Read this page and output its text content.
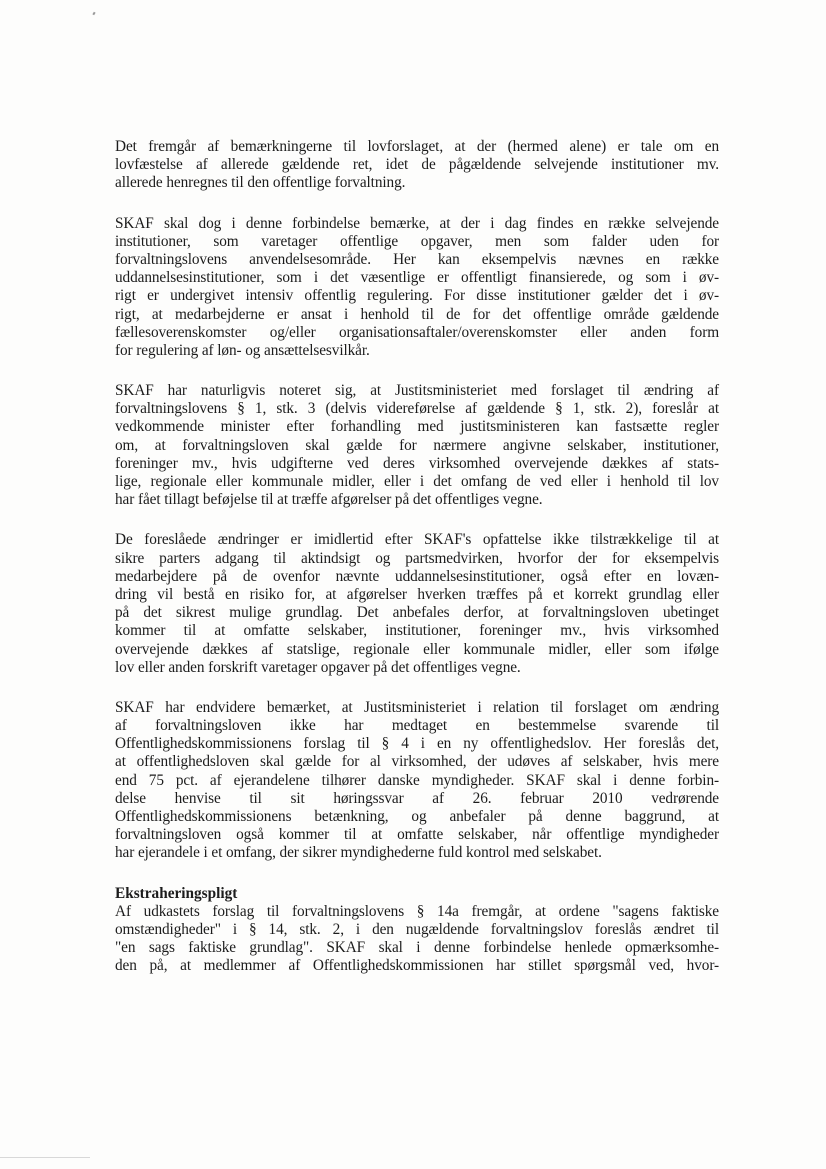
Det fremgår af bemærkningerne til lovforslaget, at der (hermed alene) er tale om en
lovfæstelse af allerede gældende ret, idet de pågældende selvejende institutioner mv.
allerede henregnes til den offentlige forvaltning.
SKAF skal dog i denne forbindelse bemærke, at der i dag findes en række selvejende
institutioner, som varetager offentlige opgaver, men som falder uden for
forvaltningslovens anvendelsesområde. Her kan eksempelvis nævnes en række
uddannelsesinstitutioner, som i det væsentlige er offentligt finansierede, og som i øv-
rigt er undergivet intensiv offentlig regulering. For disse institutioner gælder det i øv-
rigt, at medarbejderne er ansat i henhold til de for det offentlige område gældende
fællesoverenskomster og/eller organisationsaftaler/overenskomster eller anden form
for regulering af løn- og ansættelsesvilkår.
SKAF har naturligvis noteret sig, at Justitsministeriet med forslaget til ændring af
forvaltningslovens § 1, stk. 3 (delvis videreførelse af gældende § 1, stk. 2), foreslår at
vedkommende minister efter forhandling med justitsministeren kan fastsætte regler
om, at forvaltningsloven skal gælde for nærmere angivne selskaber, institutioner,
foreninger mv., hvis udgifterne ved deres virksomhed overvejende dækkes af stats-
lige, regionale eller kommunale midler, eller i det omfang de ved eller i henhold til lov
har fået tillagt beføjelse til at træffe afgørelser på det offentliges vegne.
De foreslåede ændringer er imidlertid efter SKAF's opfattelse ikke tilstrækkelige til at
sikre parters adgang til aktindsigt og partsmedvirken, hvorfor der for eksempelvis
medarbejdere på de ovenfor nævnte uddannelsesinstitutioner, også efter en lovæn-
dring vil bestå en risiko for, at afgørelser hverken træffes på et korrekt grundlag eller
på det sikrest mulige grundlag. Det anbefales derfor, at forvaltningsloven ubetinget
kommer til at omfatte selskaber, institutioner, foreninger mv., hvis virksomhed
overvejende dækkes af statslige, regionale eller kommunale midler, eller som ifølge
lov eller anden forskrift varetager opgaver på det offentliges vegne.
SKAF har endvidere bemærket, at Justitsministeriet i relation til forslaget om ændring
af forvaltningsloven ikke har medtaget en bestemmelse svarende til
Offentlighedskommissionens forslag til § 4 i en ny offentlighedslov. Her foreslås det,
at offentlighedsloven skal gælde for al virksomhed, der udøves af selskaber, hvis mere
end 75 pct. af ejerandelene tilhører danske myndigheder. SKAF skal i denne forbin-
delse henvise til sit høringssvar af 26. februar 2010 vedrørende
Offentlighedskommissionens betænkning, og anbefaler på denne baggrund, at
forvaltningsloven også kommer til at omfatte selskaber, når offentlige myndigheder
har ejerandele i et omfang, der sikrer myndighederne fuld kontrol med selskabet.
Ekstraheringspligt
Af udkastets forslag til forvaltningslovens § 14a fremgår, at ordene "sagens faktiske
omstændigheder" i § 14, stk. 2, i den nugældende forvaltningslov foreslås ændret til
"en sags faktiske grundlag". SKAF skal i denne forbindelse henlede opmærksomhe-
den på, at medlemmer af Offentlighedskommissionen har stillet spørgsmål ved, hvor-
